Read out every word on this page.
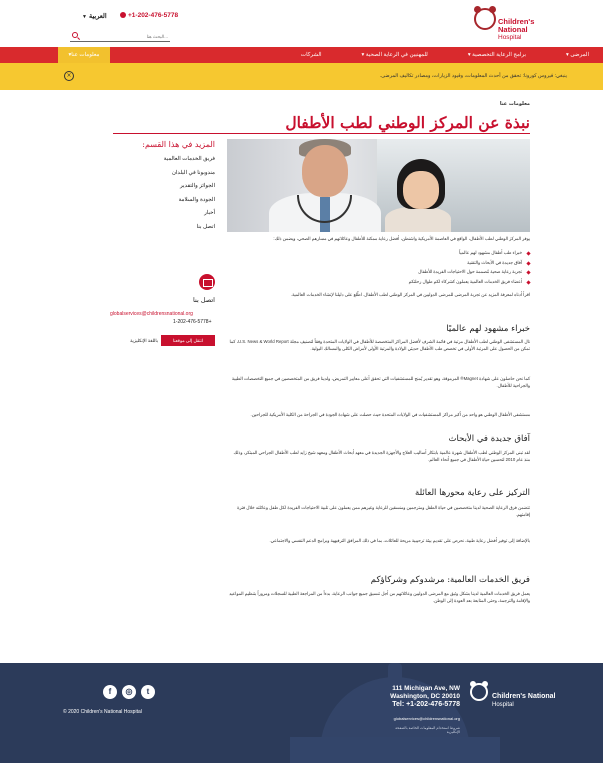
Children's National
Hospital
+1-202-476-5778
▼ العربية
البحث هنا...
▾ المرضى
▾ برامج الرعاية التخصصية
▾ للمهنيين في الرعاية الصحية
الشركات
▾ معلومات عنا
ينبغي: فيروس كورونا: تحقق من أحدث المعلومات، وقيود الزيارات، ومصادر تكاليف المرضى.
×
معلومات عنا
نبذة عن المركز الوطني لطب الأطفال
المزيد في هذا القسم:
فريق الخدمات العالمية
مندوبونا في البلدان
الجوائز والتقدير
الجودة والسلامة
أخبار
اتصل بنا
اتصل بنا
globalservices@childrensnational.org
+1-202-476-5778
انتقل إلى موقعنا
باللغة الإنكليزية

يوفر المركز الوطني لطب الأطفال، الواقع في العاصمة الأمريكية واشنطن، أفضل رعاية ممكنة للأطفال وعائلاتهم في مسارهم الصحي، ويضمن ذلك:

خبراء طب أطفال مشهود لهم عالمياً
آفاق جديدة في الأبحاث والتقنية
تجربة رعاية صحية مُصممة حول الاحتياجات الفريدة للأطفال
أعضاء فريق الخدمات العالمية يعملون كشركاء لكم طوال رحلتكم

اقرأ أدناه لمعرفة المزيد عن تجربة المرضى للمرضى الدوليين في المركز الوطني لطب الأطفال. اطّلع على دليلنا لإنشاء الخدمات العالمية.

خبراء مشهود لهم عالميًا

نال المستشفى الوطني لطب الأطفال مرتبة في قائمة الشرف لأفضل المراكز المتخصصة للأطفال في الولايات المتحدة وفقاً لتصنيف مجلة U.S. News & World Report، كما تمكن من الحصول على المرتبة الأولى في تخصص طب الأطفال حديثي الولادة والمرتبة الأولى لأمراض الكلى والمسالك البولية.

كما نحن حاصلون على شهادة Magnet® المرموقة، وهو تقدير يُمنح للمستشفيات التي تحقق أعلى معايير التمريض، ولدينا فريق من المتخصصين في جميع التخصصات الطبية والجراحية للأطفال.

مستشفى الأطفال الوطني هو واحد من أكبر مراكز المستشفيات في الولايات المتحدة حيث حصلت على شهادة الجودة في الجراحة من الكلية الأمريكية للجراحين.

آفاق جديدة في الأبحاث

لقد تبنى المركز الوطني لطب الأطفال شهرة عالمية بابتكار أساليب العلاج والأجهزة الجديدة في معهد أبحاث الأطفال ومعهد شيخ زايد لطب الأطفال الجراحي المبتكر، وذلك منذ عام 2010 لتحسين حياة الأطفال في جميع أنحاء العالم.

التركيز على رعاية محورها العائلة

تتضمن فرق الرعاية الصحية لدينا متخصصين في حياة الطفل ومترجمين ومنسقين للرعاية وغيرهم ممن يعملون على تلبية الاحتياجات الفريدة لكل طفل وعائلته خلال فترة إقامتهم.

بالإضافة إلى توفير أفضل رعاية طبية، نحرص على تقديم بيئة ترحيبية مريحة للعائلات، بما في ذلك المرافق الترفيهية وبرامج الدعم النفسي والاجتماعي.

فريق الخدمات العالمية: مرشدوكم وشركاؤكم

يعمل فريق الخدمات العالمية لدينا بشكل وثيق مع المرضى الدوليين وعائلاتهم من أجل تنسيق جميع جوانب الرعاية، بدءاً من المراجعة الطبية للسجلات ومروراً بتنظيم المواعيد والإقامة والترجمة، وحتى المتابعة بعد العودة إلى الوطن.

f	◎	t
© 2020 Children's National Hospital
111 Michigan Ave, NW
Washington, DC 20010
Tel: +1-202-476-5778
globalservices@childrensnational.org
شروط استخدام المعلومات الخاصة بالصفحة الإنكليزية
Children's National
Hospital
